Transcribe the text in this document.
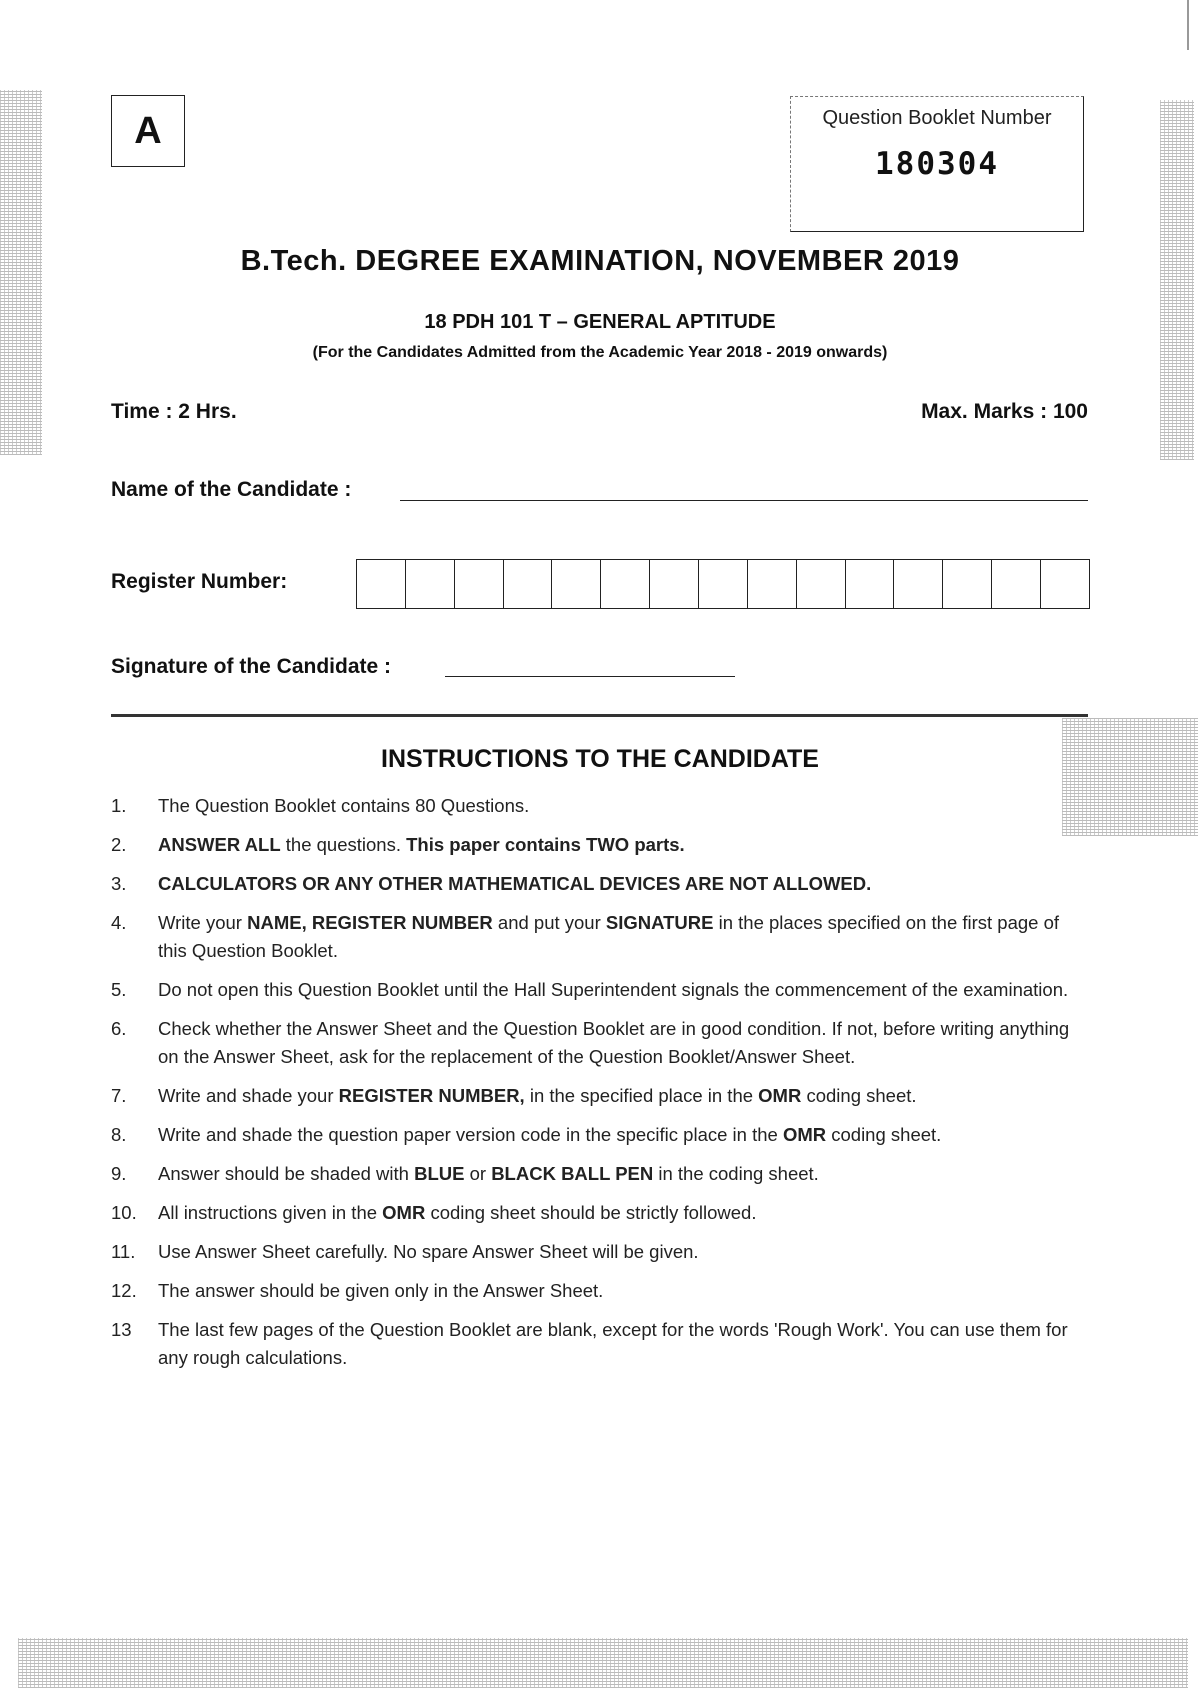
A	Question Booklet Number
180304
B.Tech. DEGREE EXAMINATION, NOVEMBER 2019
18 PDH 101 T – GENERAL APTITUDE
(For the Candidates Admitted from the Academic Year 2018 - 2019 onwards)
Time : 2 Hrs.	Max. Marks : 100
Name of the Candidate :
Register Number:
Signature of the Candidate :
INSTRUCTIONS TO THE CANDIDATE
1.	The Question Booklet contains 80 Questions.
2.	ANSWER ALL the questions. This paper contains TWO parts.
3.	CALCULATORS OR ANY OTHER MATHEMATICAL DEVICES ARE NOT ALLOWED.
4.	Write your NAME, REGISTER NUMBER and put your SIGNATURE in the places specified on the first page of this Question Booklet.
5.	Do not open this Question Booklet until the Hall Superintendent signals the commencement of the examination.
6.	Check whether the Answer Sheet and the Question Booklet are in good condition. If not, before writing anything on the Answer Sheet, ask for the replacement of the Question Booklet/Answer Sheet.
7.	Write and shade your REGISTER NUMBER, in the specified place in the OMR coding sheet.
8.	Write and shade the question paper version code in the specific place in the OMR coding sheet.
9.	Answer should be shaded with BLUE or BLACK BALL PEN in the coding sheet.
10.	All instructions given in the OMR coding sheet should be strictly followed.
11.	Use Answer Sheet carefully. No spare Answer Sheet will be given.
12.	The answer should be given only in the Answer Sheet.
13	The last few pages of the Question Booklet are blank, except for the words 'Rough Work'. You can use them for any rough calculations.
